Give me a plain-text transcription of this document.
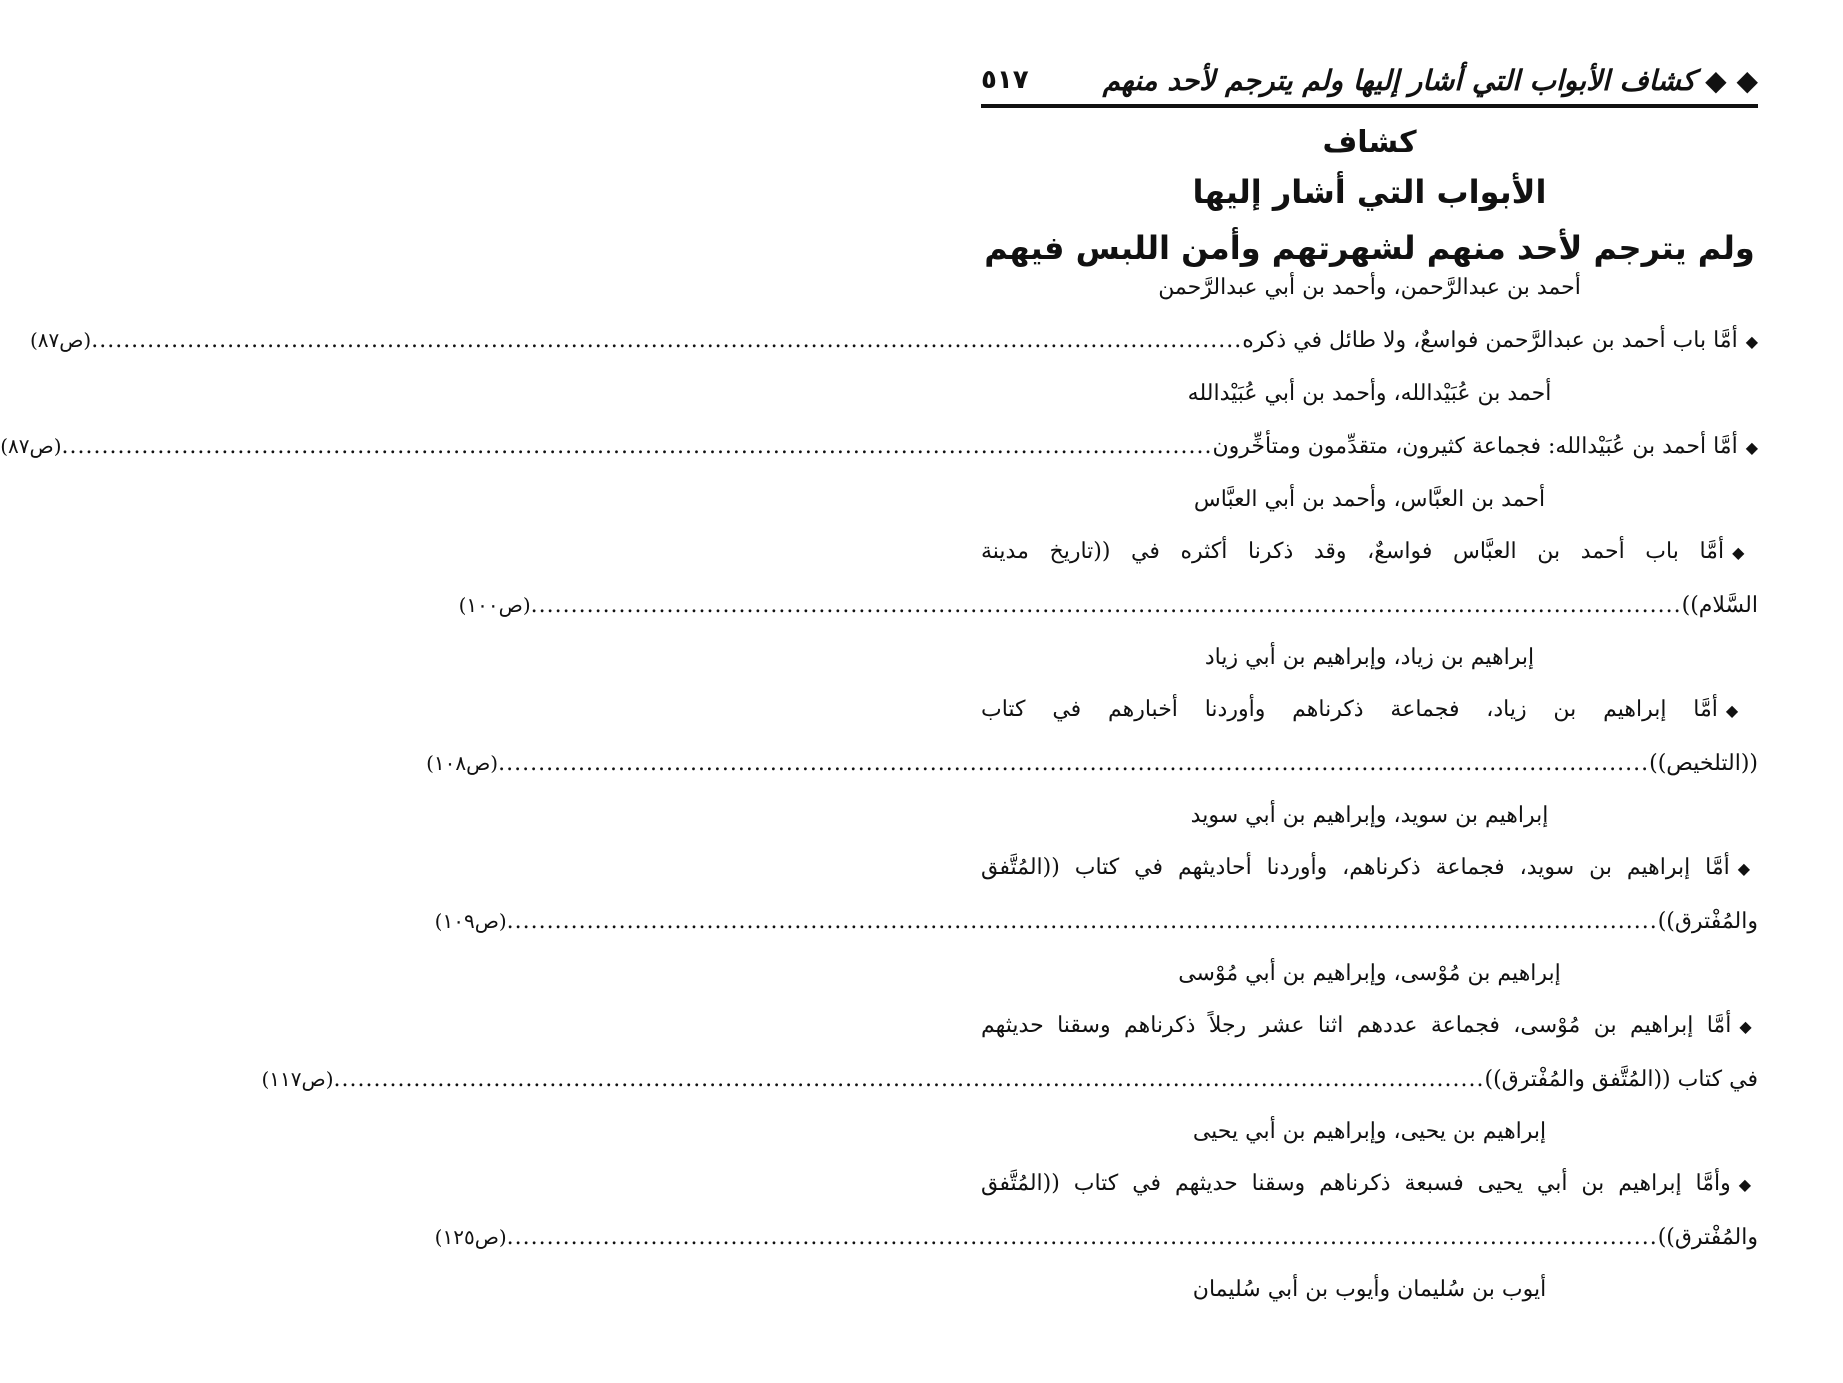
◆ ◆ كشاف الأبواب التي أشار إليها ولم يترجم لأحد منهم
٥١٧
كشاف
الأبواب التي أشار إليها
ولم يترجم لأحد منهم لشهرتهم وأمن اللبس فيهم

أحمد بن عبدالرَّحمن، وأحمد بن أبي عبدالرَّحمن

◆أمَّا باب أحمد بن عبدالرَّحمن فواسعٌ، ولا طائل في ذكره
................................................................................................................................................
(ص٨٧)

أحمد بن عُبَيْدالله، وأحمد بن أبي عُبَيْدالله

◆أمَّا أحمد بن عُبَيْدالله: فجماعة كثيرون، متقدِّمون ومتأخِّرون
................................................................................................................................................
(ص٨٧)

أحمد بن العبَّاس، وأحمد بن أبي العبَّاس

◆أمَّا باب أحمد بن العبَّاس فواسعٌ، وقد ذكرنا أكثره في ((تاريخ مدينة
السَّلام))
................................................................................................................................................
(ص١٠٠)

إبراهيم بن زياد، وإبراهيم بن أبي زياد

◆أمَّا إبراهيم بن زياد، فجماعة ذكرناهم وأوردنا أخبارهم في كتاب
((التلخيص))
................................................................................................................................................
(ص١٠٨)

إبراهيم بن سويد، وإبراهيم بن أبي سويد

◆أمَّا إبراهيم بن سويد، فجماعة ذكرناهم، وأوردنا أحاديثهم في كتاب ((المُتَّفق
والمُفْترق))
................................................................................................................................................
(ص١٠٩)

إبراهيم بن مُوْسى، وإبراهيم بن أبي مُوْسى

◆أمَّا إبراهيم بن مُوْسى، فجماعة عددهم اثنا عشر رجلاً ذكرناهم وسقنا حديثهم
في كتاب ((المُتَّفق والمُفْترق))
................................................................................................................................................
(ص١١٧)

إبراهيم بن يحيى، وإبراهيم بن أبي يحيى

◆وأمَّا إبراهيم بن أبي يحيى فسبعة ذكرناهم وسقنا حديثهم في كتاب ((المُتَّفق
والمُفْترق))
................................................................................................................................................
(ص١٢٥)

أيوب بن سُليمان وأيوب بن أبي سُليمان
